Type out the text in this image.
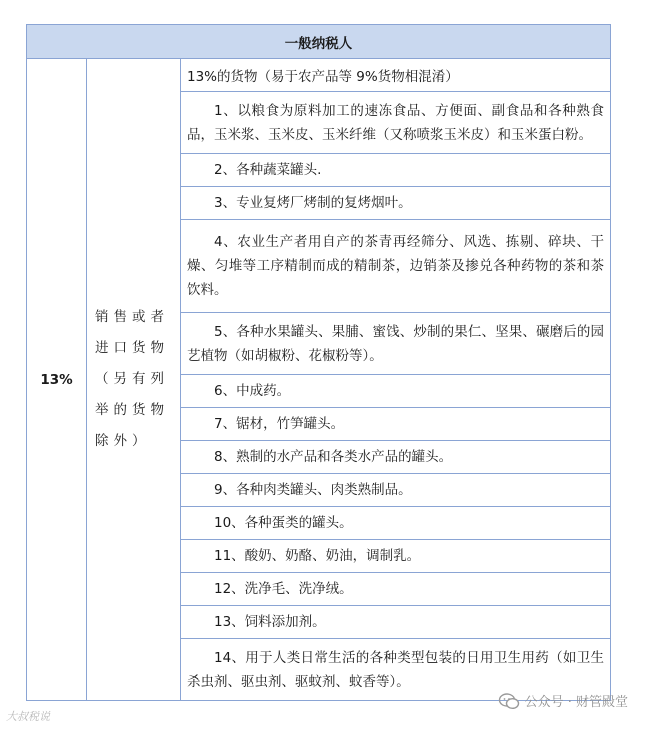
一般纳税人
13%	销售或者进口货物（另有列举的货物除外）	13%的货物（易于农产品等 9%货物相混淆）
1、以粮食为原料加工的速冻食品、方便面、副食品和各种熟食品，玉米浆、玉米皮、玉米纤维（又称喷浆玉米皮）和玉米蛋白粉。
2、各种蔬菜罐头.
3、专业复烤厂烤制的复烤烟叶。
4、农业生产者用自产的茶青再经筛分、风选、拣剔、碎块、干燥、匀堆等工序精制而成的精制茶，边销茶及掺兑各种药物的茶和茶饮料。
5、各种水果罐头、果脯、蜜饯、炒制的果仁、坚果、碾磨后的园艺植物（如胡椒粉、花椒粉等）。
6、中成药。
7、锯材，竹笋罐头。
8、熟制的水产品和各类水产品的罐头。
9、各种肉类罐头、肉类熟制品。
10、各种蛋类的罐头。
11、酸奶、奶酪、奶油，调制乳。
12、洗净毛、洗净绒。
13、饲料添加剂。
14、用于人类日常生活的各种类型包装的日用卫生用药（如卫生杀虫剂、驱虫剂、驱蚊剂、蚊香等）。
公众号 · 财管殿堂
大叔税说
